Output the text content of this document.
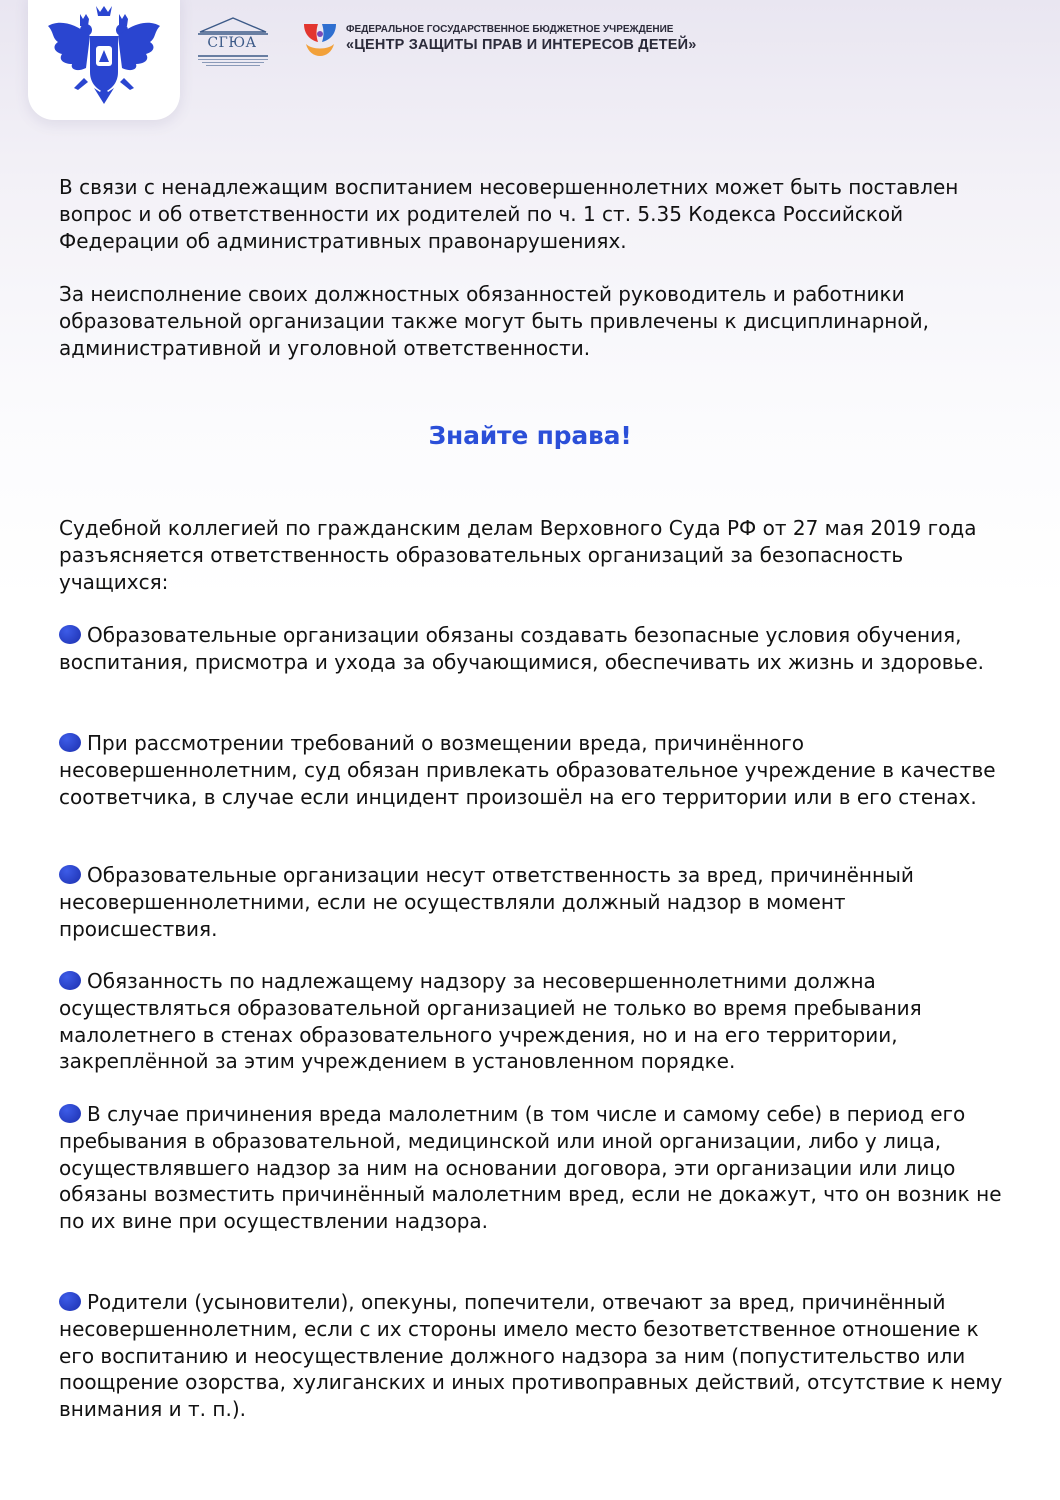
СГЮА
ФЕДЕРАЛЬНОЕ ГОСУДАРСТВЕННОЕ БЮДЖЕТНОЕ УЧРЕЖДЕНИЕ
«ЦЕНТР ЗАЩИТЫ ПРАВ И ИНТЕРЕСОВ ДЕТЕЙ»
В связи с ненадлежащим воспитанием несовершеннолетних может быть поставлен вопрос и об ответственности их родителей по ч. 1 ст. 5.35 Кодекса Российской Федерации об административных правонарушениях.
За неисполнение своих должностных обязанностей руководитель и работники образовательной организации также могут быть привлечены к дисциплинарной, административной и уголовной ответственности.
Знайте права!
Судебной коллегией по гражданским делам Верховного Суда РФ от 27 мая 2019 года разъясняется ответственность образовательных организаций за безопасность учащихся:
Образовательные организации обязаны создавать безопасные условия обучения, воспитания, присмотра и ухода за обучающимися, обеспечивать их жизнь и здоровье.
При рассмотрении требований о возмещении вреда, причинённого несовершеннолетним, суд обязан привлекать образовательное учреждение в качестве соответчика, в случае если инцидент произошёл на его территории или в его стенах.
Образовательные организации несут ответственность за вред, причинённый несовершеннолетними, если не осуществляли должный надзор в момент происшествия.
Обязанность по надлежащему надзору за несовершеннолетними должна осуществляться образовательной организацией не только во время пребывания малолетнего в стенах образовательного учреждения, но и на его территории, закреплённой за этим учреждением в установленном порядке.
В случае причинения вреда малолетним (в том числе и самому себе) в период его пребывания в образовательной, медицинской или иной организации, либо у лица, осуществлявшего надзор за ним на основании договора, эти организации или лицо обязаны возместить причинённый малолетним вред, если не докажут, что он возник не по их вине при осуществлении надзора.
Родители (усыновители), опекуны, попечители, отвечают за вред, причинённый несовершеннолетним, если с их стороны имело место безответственное отношение к его воспитанию и неосуществление должного надзора за ним (попустительство или поощрение озорства, хулиганских и иных противоправных действий, отсутствие к нему внимания и т. п.).
